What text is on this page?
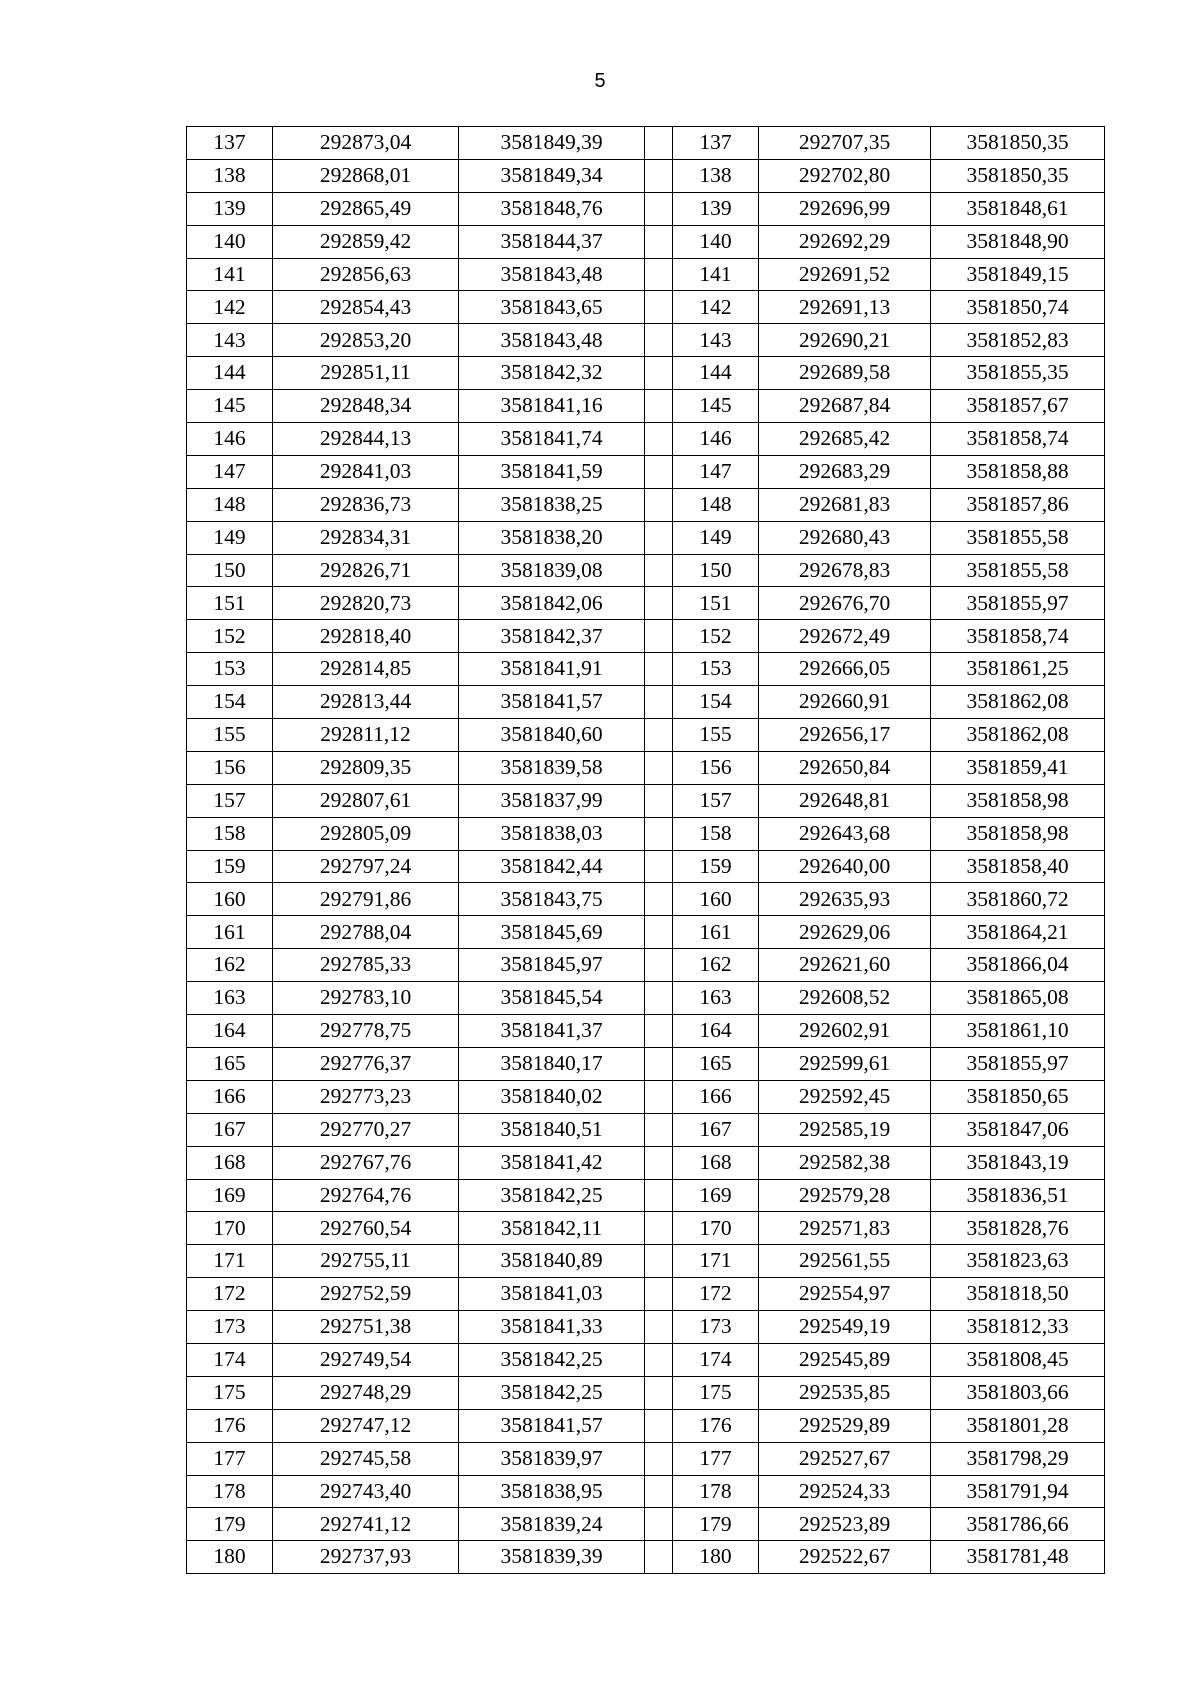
5
137	292873,04	3581849,39		137	292707,35	3581850,35
138	292868,01	3581849,34		138	292702,80	3581850,35
139	292865,49	3581848,76		139	292696,99	3581848,61
140	292859,42	3581844,37		140	292692,29	3581848,90
141	292856,63	3581843,48		141	292691,52	3581849,15
142	292854,43	3581843,65		142	292691,13	3581850,74
143	292853,20	3581843,48		143	292690,21	3581852,83
144	292851,11	3581842,32		144	292689,58	3581855,35
145	292848,34	3581841,16		145	292687,84	3581857,67
146	292844,13	3581841,74		146	292685,42	3581858,74
147	292841,03	3581841,59		147	292683,29	3581858,88
148	292836,73	3581838,25		148	292681,83	3581857,86
149	292834,31	3581838,20		149	292680,43	3581855,58
150	292826,71	3581839,08		150	292678,83	3581855,58
151	292820,73	3581842,06		151	292676,70	3581855,97
152	292818,40	3581842,37		152	292672,49	3581858,74
153	292814,85	3581841,91		153	292666,05	3581861,25
154	292813,44	3581841,57		154	292660,91	3581862,08
155	292811,12	3581840,60		155	292656,17	3581862,08
156	292809,35	3581839,58		156	292650,84	3581859,41
157	292807,61	3581837,99		157	292648,81	3581858,98
158	292805,09	3581838,03		158	292643,68	3581858,98
159	292797,24	3581842,44		159	292640,00	3581858,40
160	292791,86	3581843,75		160	292635,93	3581860,72
161	292788,04	3581845,69		161	292629,06	3581864,21
162	292785,33	3581845,97		162	292621,60	3581866,04
163	292783,10	3581845,54		163	292608,52	3581865,08
164	292778,75	3581841,37		164	292602,91	3581861,10
165	292776,37	3581840,17		165	292599,61	3581855,97
166	292773,23	3581840,02		166	292592,45	3581850,65
167	292770,27	3581840,51		167	292585,19	3581847,06
168	292767,76	3581841,42		168	292582,38	3581843,19
169	292764,76	3581842,25		169	292579,28	3581836,51
170	292760,54	3581842,11		170	292571,83	3581828,76
171	292755,11	3581840,89		171	292561,55	3581823,63
172	292752,59	3581841,03		172	292554,97	3581818,50
173	292751,38	3581841,33		173	292549,19	3581812,33
174	292749,54	3581842,25		174	292545,89	3581808,45
175	292748,29	3581842,25		175	292535,85	3581803,66
176	292747,12	3581841,57		176	292529,89	3581801,28
177	292745,58	3581839,97		177	292527,67	3581798,29
178	292743,40	3581838,95		178	292524,33	3581791,94
179	292741,12	3581839,24		179	292523,89	3581786,66
180	292737,93	3581839,39		180	292522,67	3581781,48
